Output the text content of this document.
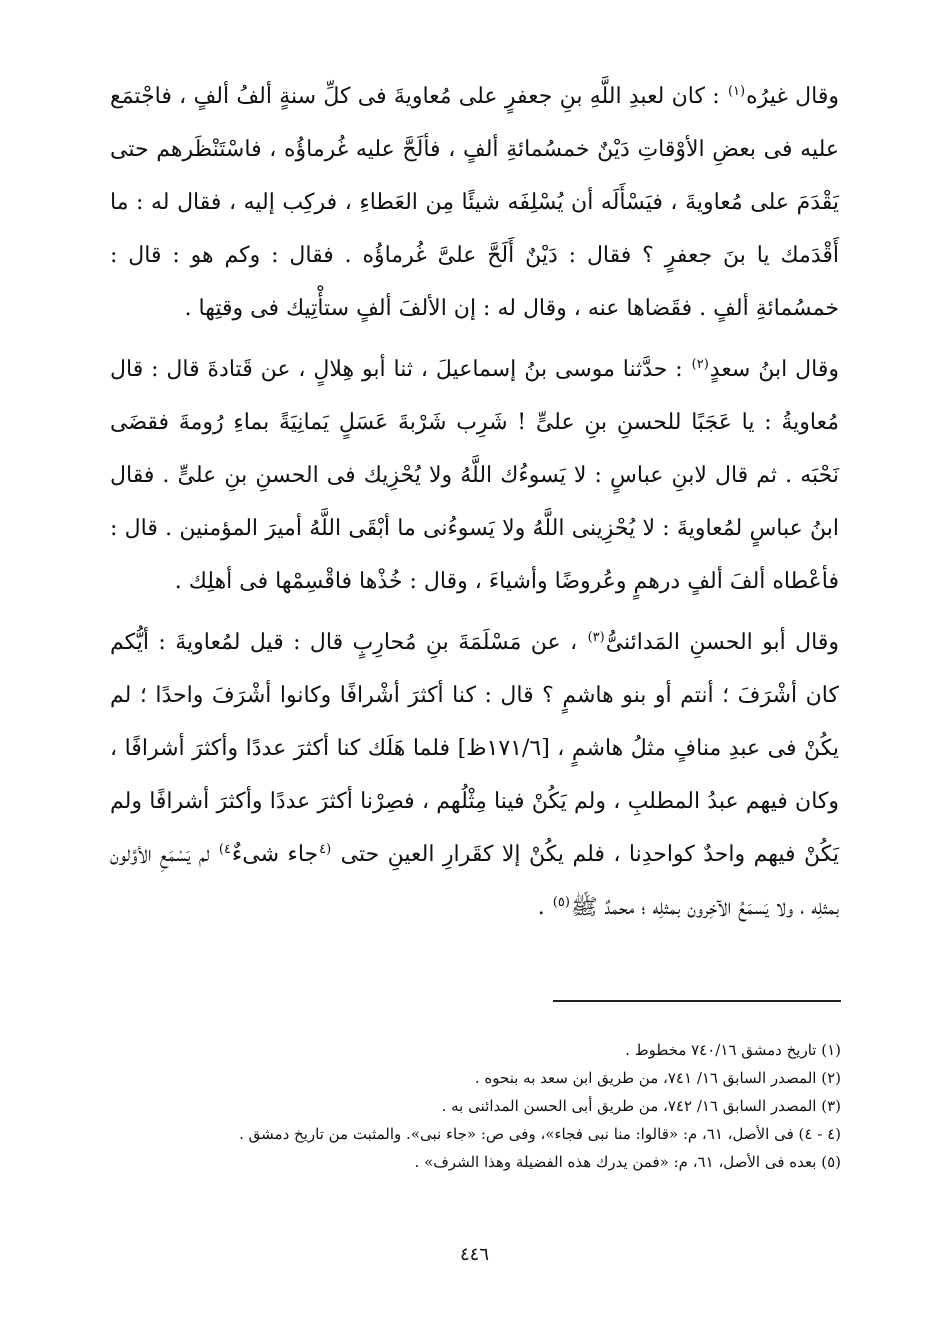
وقال غيرُه$^{(١)}$ : كان لعبدِ اللَّهِ بنِ جعفرٍ على مُعاويةَ فى كلِّ سنةٍ ألفُ ألفٍ ، فاجْتمَع عليه فى بعضِ الأوْقاتِ دَيْنٌ خمسُمائةِ ألفٍ ، فألَحَّ عليه غُرماؤُه ، فاسْتَنْظَرهم حتى يَقْدَمَ على مُعاويةَ ، فيَسْأَلَه أن يُسْلِفَه شيئًا مِن العَطاءِ ، فركِب إليه ، فقال له : ما أَقْدَمك يا بنَ جعفرٍ ؟ فقال : دَيْنٌ أَلَحَّ علىَّ غُرماؤُه . فقال : وكم هو : قال : خمسُمائةِ ألفٍ . فقَضاها عنه ، وقال له : إن الألفَ ألفٍ ستأْتِيك فى وقتِها .

وقال ابنُ سعدٍ$^{(٢)}$ : حدَّثنا موسى بنُ إسماعيلَ ، ثنا أبو هِلالٍ ، عن قَتادةَ قال : قال مُعاويةُ : يا عَجَبًا للحسنِ بنِ علىٍّ ! شَرِب شَرْبةَ عَسَلٍ يَمانِيَةً بماءِ رُومةَ فقضَى نَحْبَه . ثم قال لابنِ عباسٍ : لا يَسوءُك اللَّهُ ولا يُحْزِيك فى الحسنِ بنِ علىٍّ . فقال ابنُ عباسٍ لمُعاويةَ : لا يُحْزِينى اللَّهُ ولا يَسوءُنى ما أبْقَى اللَّهُ أميرَ المؤمنين . قال : فأعْطاه ألفَ ألفٍ درهمٍ وعُروضًا وأشياءَ ، وقال : خُذْها فاقْسِمْها فى أهلِك .

وقال أبو الحسنِ المَدائنىُّ$^{(٣)}$ ، عن مَسْلَمَةَ بنِ مُحارِبٍ قال : قيل لمُعاويةَ : أيُّكم كان أشْرَفَ ؛ أنتم أو بنو هاشمٍ ؟ قال : كنا أكثرَ أشْرافًا وكانوا أشْرَفَ واحدًا ؛ لم يكُنْ فى عبدِ منافٍ مثلُ هاشمٍ ، [١٧١/٦ظ] فلما هَلَك كنا أكثرَ عددًا وأكثرَ أشرافًا ، وكان فيهم عبدُ المطلبِ ، ولم يَكُنْ فينا مِثْلُهم ، فصِرْنا أكثرَ عددًا وأكثرَ أشرافًا ولم يَكُنْ فيهم واحدٌ كواحدِنا ، فلم يكُنْ إلا كقَرارِ العينِ حتى $^{(٤}$جاء شىءٌ$^{٤)}$ لم يَسْمَعِ الأوَّلون بمثلِه ، ولا يَسمَعُ الآخِرون بمثلِه ؛ محمدٌ ﷺ$^{(٥)}$ .

(١) تاريخ دمشق ٧٤٠/١٦ مخطوط .
(٢) المصدر السابق ١٦/ ٧٤١، من طريق ابن سعد به بنحوه .
(٣) المصدر السابق ١٦/ ٧٤٢، من طريق أبى الحسن المدائنى به .
(٤ - ٤) فى الأصل، ٦١، م: «قالوا: منا نبى فجاء»، وفى ص: «جاء نبى». والمثبت من تاريخ دمشق .
(٥) بعده فى الأصل، ٦١، م: «فمن يدرك هذه الفضيلة وهذا الشرف» .
٤٤٦
